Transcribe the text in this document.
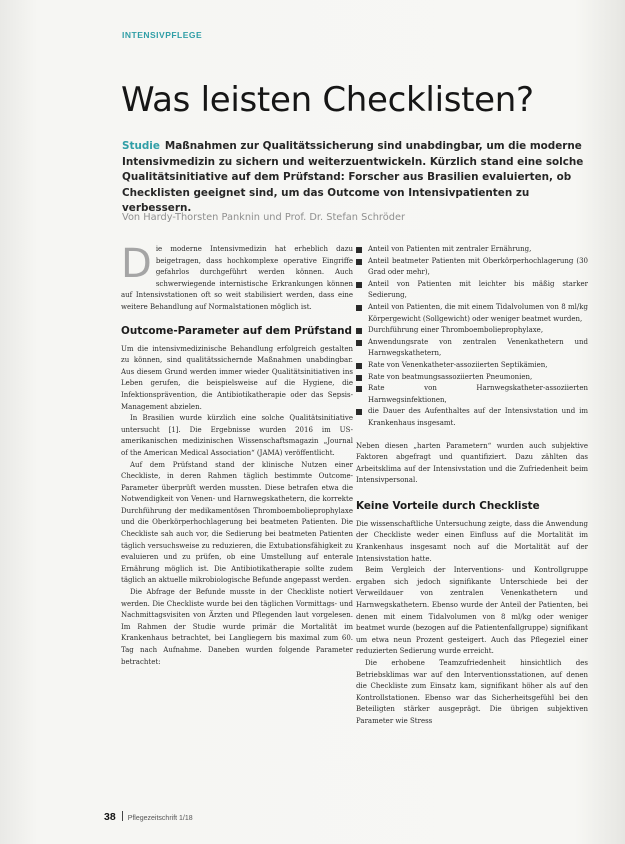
INTENSIVPFLEGE
Was leisten Checklisten?
Studie Maßnahmen zur Qualitätssicherung sind unabdingbar, um die moderne Intensivmedizin zu sichern und weiterzuentwickeln. Kürzlich stand eine solche Qualitätsinitiative auf dem Prüfstand: Forscher aus Brasilien evaluierten, ob Checklisten geeignet sind, um das Outcome von Intensivpatienten zu verbessern.
Von Hardy-Thorsten Panknin und Prof. Dr. Stefan Schröder

Die moderne Intensivmedizin hat erheblich dazu beigetragen, dass hochkomplexe operative Eingriffe gefahrlos durchgeführt werden können. Auch schwerwiegende internistische Erkrankungen können auf Intensivstationen oft so weit stabilisiert werden, dass eine weitere Behandlung auf Normalstationen möglich ist.

Outcome-Parameter auf dem Prüfstand

Um die intensivmedizinische Behandlung erfolgreich gestalten zu können, sind qualitätssichernde Maßnahmen unabdingbar. Aus diesem Grund werden immer wieder Qualitätsinitiativen ins Leben gerufen, die beispielsweise auf die Hygiene, die Infektionsprävention, die Antibiotikatherapie oder das Sepsis-Management abzielen.

In Brasilien wurde kürzlich eine solche Qualitätsinitiative untersucht [1]. Die Ergebnisse wurden 2016 im US-amerikanischen medizinischen Wissenschaftsmagazin „Journal of the American Medical Association“ (JAMA) veröffentlicht.

Auf dem Prüfstand stand der klinische Nutzen einer Checkliste, in deren Rahmen täglich bestimmte Outcome-Parameter überprüft werden mussten. Diese betrafen etwa die Notwendigkeit von Venen- und Harnwegskathetern, die korrekte Durchführung der medikamentösen Thromboembolieprophylaxe und die Oberkörperhochlagerung bei beatmeten Patienten. Die Checkliste sah auch vor, die Sedierung bei beatmeten Patienten täglich versuchsweise zu reduzieren, die Extubationsfähigkeit zu evaluieren und zu prüfen, ob eine Umstellung auf enterale Ernährung möglich ist. Die Antibiotikatherapie sollte zudem täglich an aktuelle mikrobiologische Befunde angepasst werden.

Die Abfrage der Befunde musste in der Checkliste notiert werden. Die Checkliste wurde bei den täglichen Vormittags- und Nachmittagsvisiten von Ärzten und Pflegenden laut vorgelesen. Im Rahmen der Studie wurde primär die Mortalität im Krankenhaus betrachtet, bei Langliegern bis maximal zum 60. Tag nach Aufnahme. Daneben wurden folgende Parameter betrachtet:

Anteil von Patienten mit zentraler Ernährung,
Anteil beatmeter Patienten mit Oberkörperhochlagerung (30 Grad oder mehr),
Anteil von Patienten mit leichter bis mäßig starker Sedierung,
Anteil von Patienten, die mit einem Tidalvolumen von 8 ml/kg Körpergewicht (Sollgewicht) oder weniger beatmet wurden,
Durchführung einer Thromboembolieprophylaxe,
Anwendungsrate von zentralen Venenkathetern und Harnwegskathetern,
Rate von Venenkatheter-assoziierten Septikämien,
Rate von beatmungsassoziierten Pneumonien,
Rate von Harnwegskatheter-assoziierten Harnwegsinfektionen,
die Dauer des Aufenthaltes auf der Intensivstation und im Krankenhaus insgesamt.

Neben diesen „harten Parametern“ wurden auch subjektive Faktoren abgefragt und quantifiziert. Dazu zählten das Arbeitsklima auf der Intensivstation und die Zufriedenheit beim Intensivpersonal.

Keine Vorteile durch Checkliste

Die wissenschaftliche Untersuchung zeigte, dass die Anwendung der Checkliste weder einen Einfluss auf die Mortalität im Krankenhaus insgesamt noch auf die Mortalität auf der Intensivstation hatte.

Beim Vergleich der Interventions- und Kontrollgruppe ergaben sich jedoch signifikante Unterschiede bei der Verweildauer von zentralen Venenkathetern und Harnwegskathetern. Ebenso wurde der Anteil der Patienten, bei denen mit einem Tidalvolumen von 8 ml/kg oder weniger beatmet wurde (bezogen auf die Patientenfallgruppe) signifikant um etwa neun Prozent gesteigert. Auch das Pflegeziel einer reduzierten Sedierung wurde erreicht.

Die erhobene Teamzufriedenheit hinsichtlich des Betriebsklimas war auf den Interventionsstationen, auf denen die Checkliste zum Einsatz kam, signifikant höher als auf den Kontrollstationen. Ebenso war das Sicherheitsgefühl bei den Beteiligten stärker ausgeprägt. Die übrigen subjektiven Parameter wie Stress

38 Pflegezeitschrift 1/18
